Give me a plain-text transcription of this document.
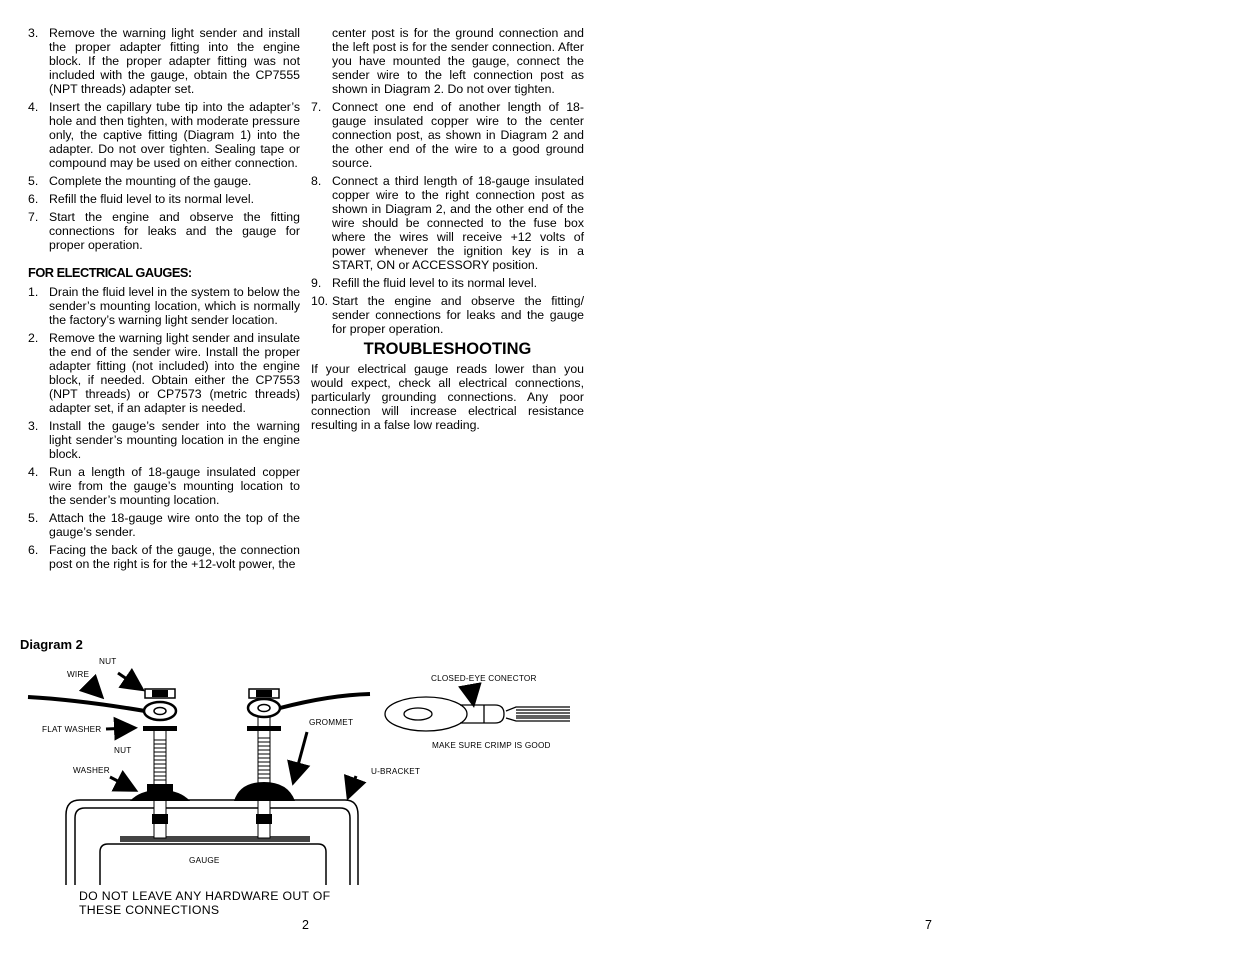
3. Remove the warning light sender and install the proper adapter fitting into the engine block. If the proper adapter fitting was not included with the gauge, obtain the CP7555 (NPT threads) adapter set.
4. Insert the capillary tube tip into the adapter’s hole and then tighten, with moderate pressure only, the captive fitting (Diagram 1) into the adapter. Do not over tighten. Sealing tape or compound may be used on either connection.
5. Complete the mounting of the gauge.
6. Refill the fluid level to its normal level.
7. Start the engine and observe the fitting connections for leaks and the gauge for proper operation.
FOR ELECTRICAL GAUGES:
1. Drain the fluid level in the system to below the sender’s mounting location, which is normally the factory’s warning light sender location.
2. Remove the warning light sender and insulate the end of the sender wire. Install the proper adapter fitting (not included) into the engine block, if needed. Obtain either the CP7553 (NPT threads) or CP7573 (metric threads) adapter set, if an adapter is needed.
3. Install the gauge’s sender into the warning light sender’s mounting location in the engine block.
4. Run a length of 18-gauge insulated copper wire from the gauge’s mounting location to the sender’s mounting location.
5. Attach the 18-gauge wire onto the top of the gauge’s sender.
6. Facing the back of the gauge, the connection post on the right is for the +12-volt power, the
center post is for the ground connection and the left post is for the sender connection. After you have mounted the gauge, connect the sender wire to the left connection post as shown in Diagram 2. Do not over tighten.
7. Connect one end of another length of 18-gauge insulated copper wire to the center connection post, as shown in Diagram 2 and the other end of the wire to a good ground source.
8. Connect a third length of 18-gauge insulated copper wire to the right connection post as shown in Diagram 2, and the other end of the wire should be connected to the fuse box where the wires will receive +12 volts of power whenever the ignition key is in a START, ON or ACCESSORY position.
9. Refill the fluid level to its normal level.
10. Start the engine and observe the fitting/ sender connections for leaks and the gauge for proper operation.
TROUBLESHOOTING
If your electrical gauge reads lower than you would expect, check all electrical connections, particularly grounding connections. Any poor connection will increase electrical resistance resulting in a false low reading.
Diagram 2
NUT
WIRE
FLAT WASHER
NUT
WASHER
GROMMET
U-BRACKET
GAUGE
CLOSED-EYE CONECTOR
MAKE SURE CRIMP IS GOOD
DO NOT LEAVE ANY HARDWARE OUT OF THESE CONNECTIONS
2	7
